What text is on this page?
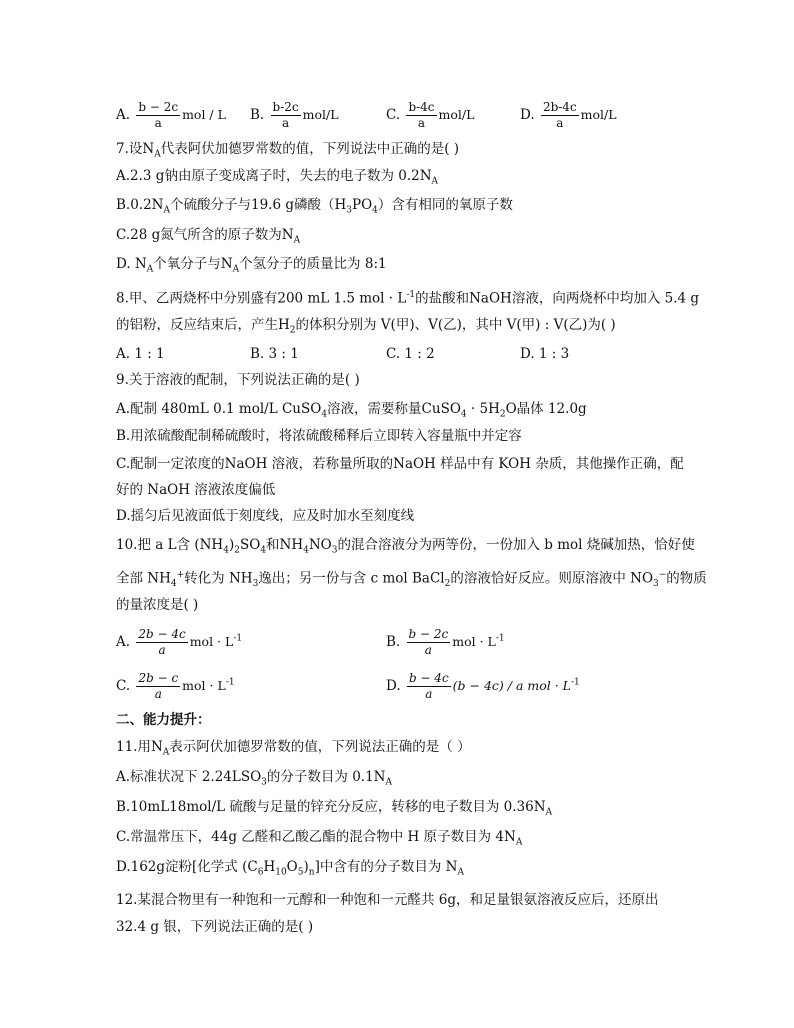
A. $\frac{b - 2c}{a}$ mol / L B. $\frac{b-2c}{a} mol/L$	C. $\frac{b-4c}{a} mol/L$	D. $\frac{2b-4c}{a} mol/L$
7.设$N_A$代表阿伏加德罗常数的值，下列说法中正确的是( )
A.2.3 g钠由原子变成离子时，失去的电子数为 $0.2N_A$
$B.0.2N_A$个硫酸分子与19.6 g磷酸$(H_3PO_4)$含有相同的氧原子数
C.28 g氮气所含的原子数为$N_A$
D. $N_A$个氧分子与$N_A$个氢分子的质量比为 8:1
8.甲、乙两烧杯中分别盛有200 mL 1.5 mol · $L^{-1}$的盐酸和NaOH溶液，向两烧杯中均加入 5.4 g
的铝粉，反应结束后，产生$H_2$的体积分别为 V(甲)、V(乙)，其中 V(甲) : V(乙)为( )
A. 1 : 1	B. 3 : 1	C. 1 : 2	D. 1 : 3
9.关于溶液的配制，下列说法正确的是( )
A.配制 480mL 0.1 mol/L CuSO$_4$溶液，需要称量CuSO$_4$ · $5H_2O$晶体 12.0g
B.用浓硫酸配制稀硫酸时，将浓硫酸稀释后立即转入容量瓶中并定容
C.配制一定浓度的NaOH 溶液，若称量所取的NaOH 样品中有 KOH 杂质，其他操作正确，配
好的 NaOH 溶液浓度偏低
D.摇匀后见液面低于刻度线，应及时加水至刻度线
10.把 a L含 $(NH_4)_2SO_4$和$NH_4NO_3$的混合溶液分为两等份，一份加入 b mol 烧碱加热，恰好使
全部 $NH_4^+$转化为 $NH_3$逸出；另一份与含 c mol BaCl$_2$的溶液恰好反应。则原溶液中 $NO_3^-$的物质
的量浓度是( )
A. $\frac{2b - 4c}{a}$ mol · $L^{-1}$	B. $\frac{b - 2c}{a}$ mol · $L^{-1}$
C. $\frac{2b - c}{a}$ mol · $L^{-1}$	D. $\frac{b - 4c}{a} (b - 4c) / a$ mol · $L^{-1}$
二、能力提升：
11.用$N_A$表示阿伏加德罗常数的值，下列说法正确的是（ ）
A.标准状况下 $2.24LSO_3$的分子数目为 $0.1N_A$
B.10mL18mol/L 硫酸与足量的锌充分反应，转移的电子数目为 $0.36N_A$
C.常温常压下，44g 乙醛和乙酸乙酯的混合物中 H 原子数目为 $4N_A$
D.162g淀粉[化学式 $(C_6H_{10}O_5)_n$]中含有的分子数目为 $N_A$
12.某混合物里有一种饱和一元醇和一种饱和一元醛共 6g，和足量银氨溶液反应后，还原出
32.4 g 银，下列说法正确的是( )
